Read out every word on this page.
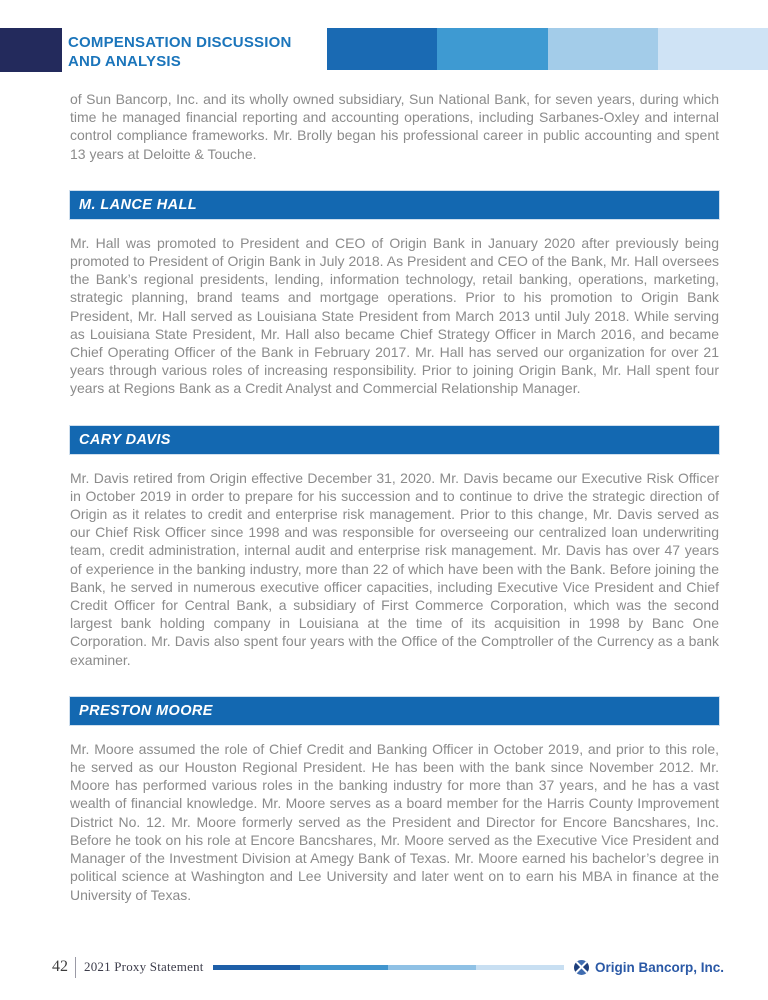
COMPENSATION DISCUSSION
AND ANALYSIS

of Sun Bancorp, Inc. and its wholly owned subsidiary, Sun National Bank, for seven years, during which time he managed financial reporting and accounting operations, including Sarbanes-Oxley and internal control compliance frameworks. Mr. Brolly began his professional career in public accounting and spent 13 years at Deloitte & Touche.

M. LANCE HALL

Mr. Hall was promoted to President and CEO of Origin Bank in January 2020 after previously being promoted to President of Origin Bank in July 2018. As President and CEO of the Bank, Mr. Hall oversees the Bank’s regional presidents, lending, information technology, retail banking, operations, marketing, strategic planning, brand teams and mortgage operations. Prior to his promotion to Origin Bank President, Mr. Hall served as Louisiana State President from March 2013 until July 2018. While serving as Louisiana State President, Mr. Hall also became Chief Strategy Officer in March 2016, and became Chief Operating Officer of the Bank in February 2017. Mr. Hall has served our organization for over 21 years through various roles of increasing responsibility. Prior to joining Origin Bank, Mr. Hall spent four years at Regions Bank as a Credit Analyst and Commercial Relationship Manager.

CARY DAVIS

Mr. Davis retired from Origin effective December 31, 2020. Mr. Davis became our Executive Risk Officer in October 2019 in order to prepare for his succession and to continue to drive the strategic direction of Origin as it relates to credit and enterprise risk management. Prior to this change, Mr. Davis served as our Chief Risk Officer since 1998 and was responsible for overseeing our centralized loan underwriting team, credit administration, internal audit and enterprise risk management. Mr. Davis has over 47 years of experience in the banking industry, more than 22 of which have been with the Bank. Before joining the Bank, he served in numerous executive officer capacities, including Executive Vice President and Chief Credit Officer for Central Bank, a subsidiary of First Commerce Corporation, which was the second largest bank holding company in Louisiana at the time of its acquisition in 1998 by Banc One Corporation. Mr. Davis also spent four years with the Office of the Comptroller of the Currency as a bank examiner.

PRESTON MOORE

Mr. Moore assumed the role of Chief Credit and Banking Officer in October 2019, and prior to this role, he served as our Houston Regional President. He has been with the bank since November 2012. Mr. Moore has performed various roles in the banking industry for more than 37 years, and he has a vast wealth of financial knowledge. Mr. Moore serves as a board member for the Harris County Improvement District No. 12. Mr. Moore formerly served as the President and Director for Encore Bancshares, Inc. Before he took on his role at Encore Bancshares, Mr. Moore served as the Executive Vice President and Manager of the Investment Division at Amegy Bank of Texas. Mr. Moore earned his bachelor’s degree in political science at Washington and Lee University and later went on to earn his MBA in finance at the University of Texas.

42 2021 Proxy Statement	Origin Bancorp, Inc.
